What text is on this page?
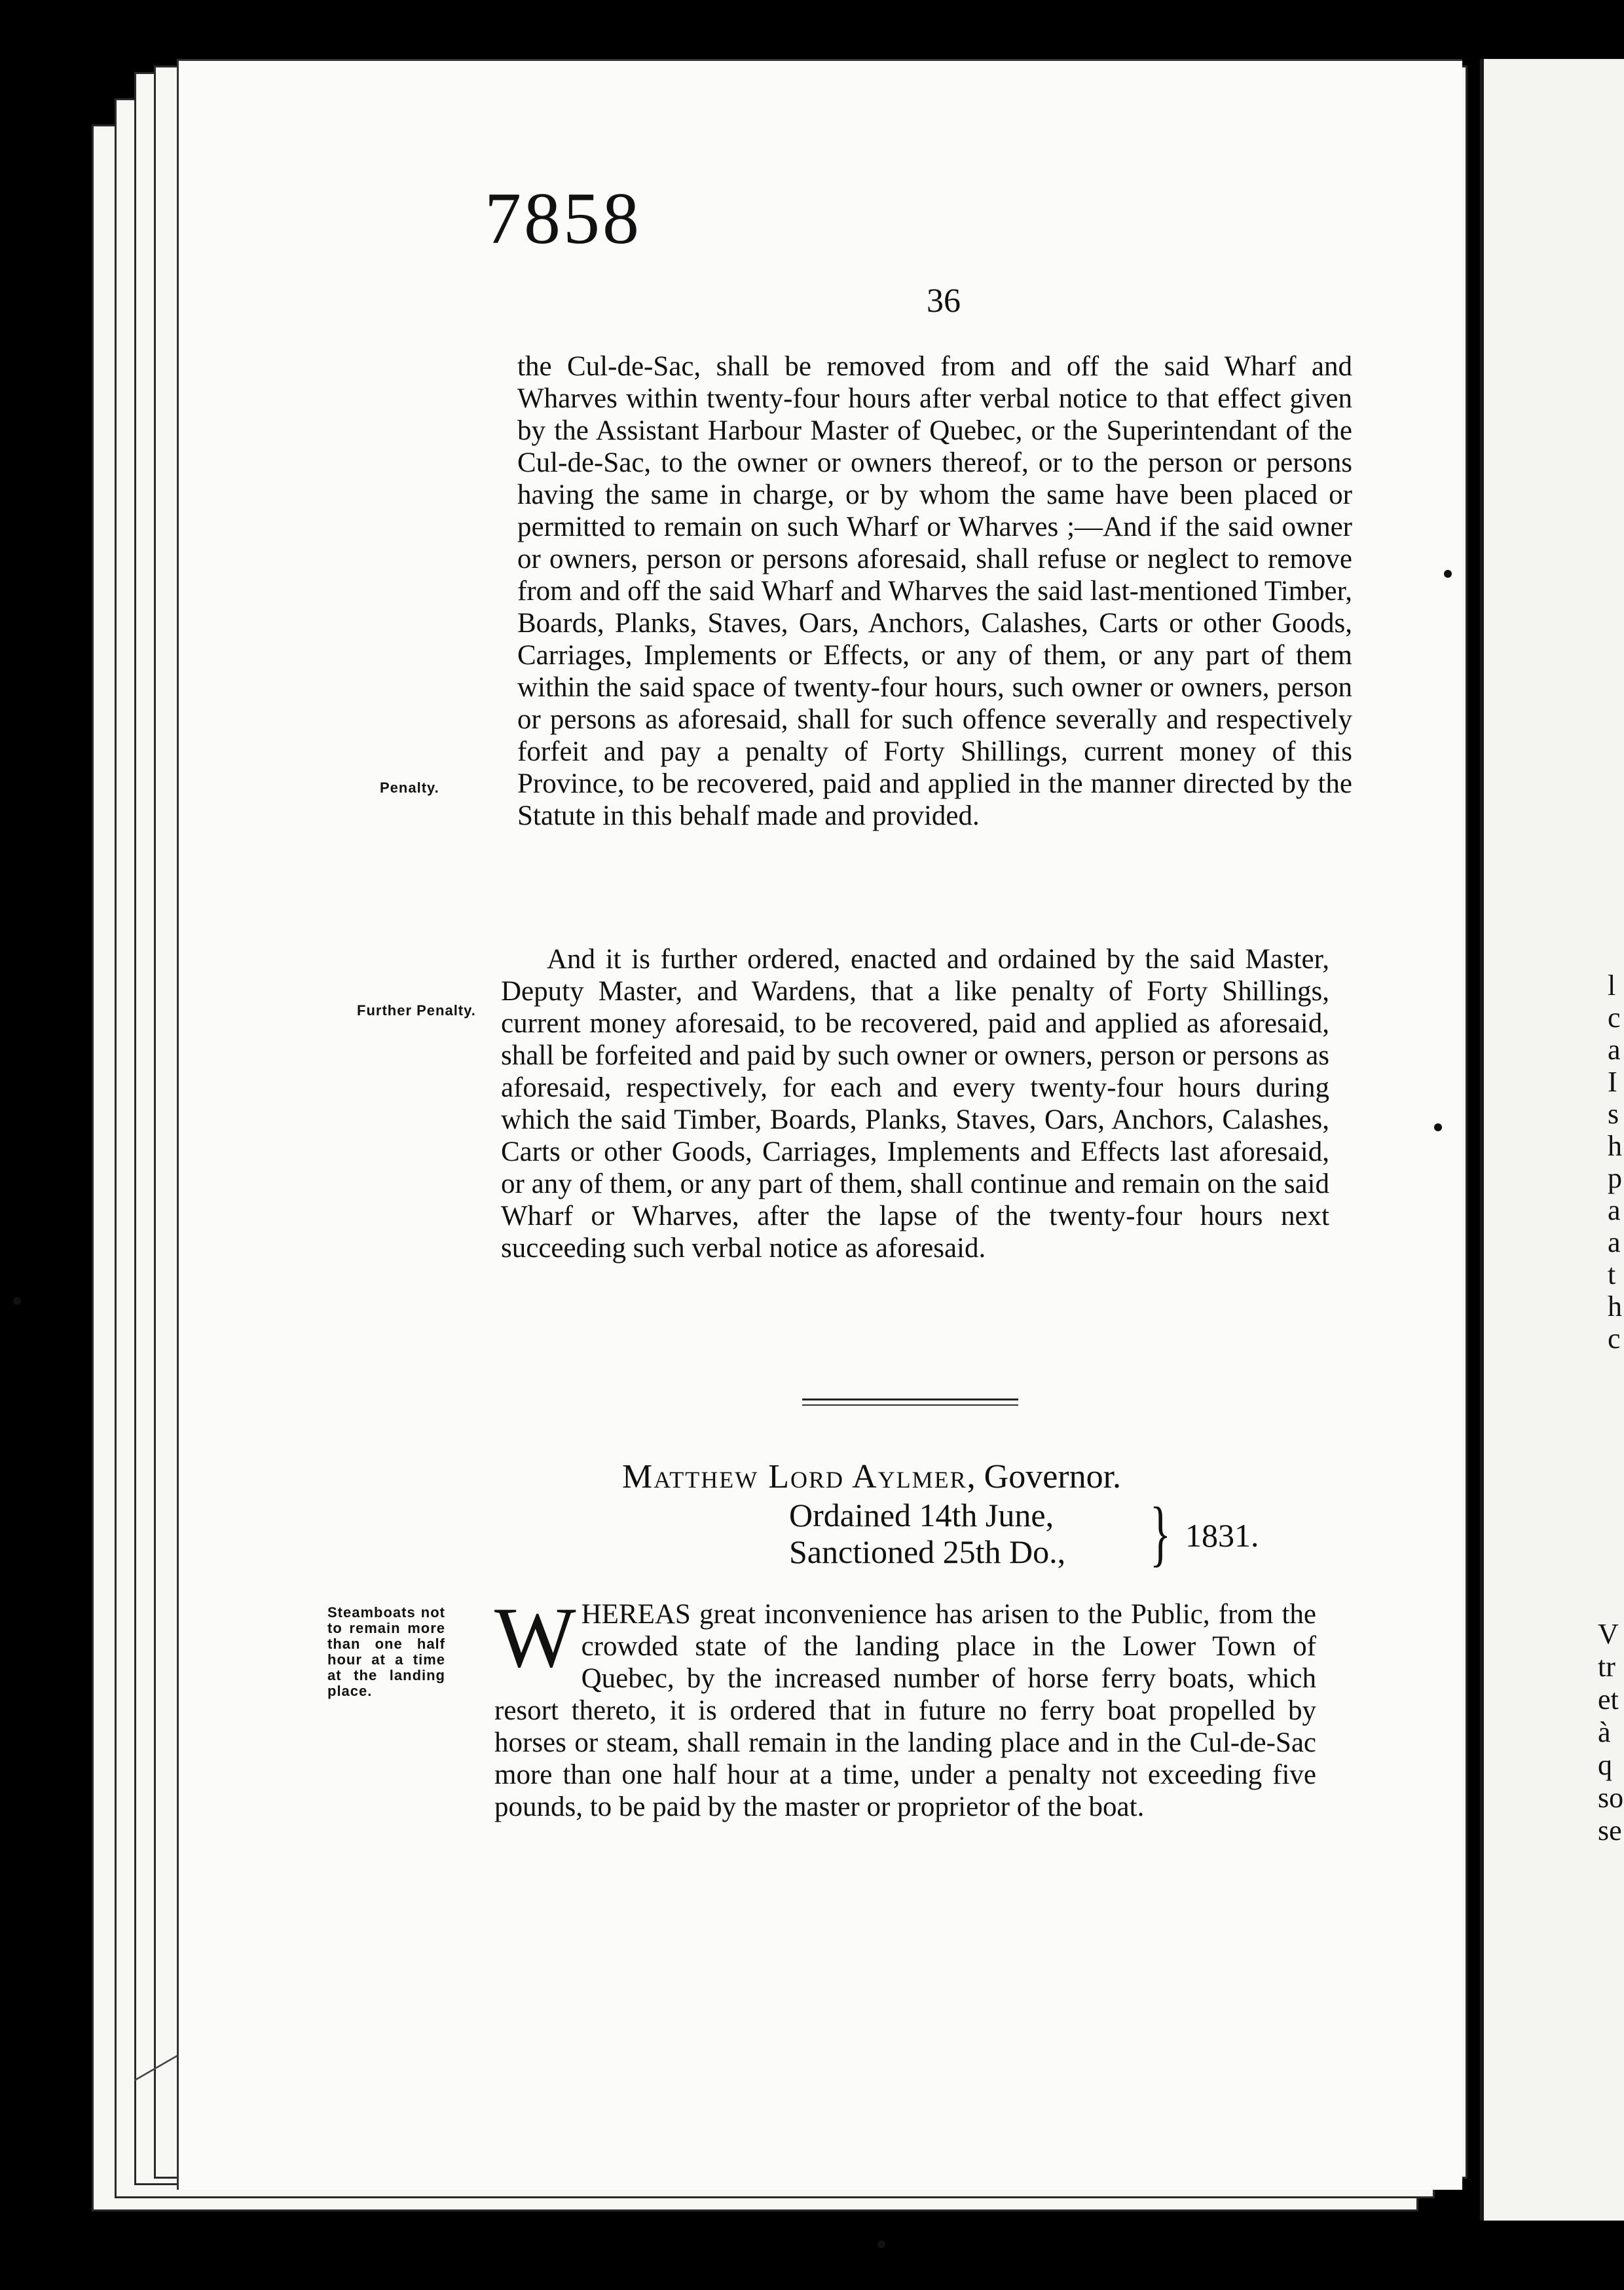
l
c
a
I
s
h
p
a
a
t
h
c
V
tr
et
à
q
so
se
7858
36
the Cul-de-Sac, shall be removed from and off the said Wharf and Wharves within twenty-four hours after verbal notice to that effect given by the Assistant Harbour Master of Quebec, or the Superintendant of the Cul-de-Sac, to the owner or owners thereof, or to the person or persons having the same in charge, or by whom the same have been placed or permitted to remain on such Wharf or Wharves ;—And if the said owner or owners, person or persons aforesaid, shall refuse or neglect to remove from and off the said Wharf and Wharves the said last-mentioned Timber, Boards, Planks, Staves, Oars, Anchors, Calashes, Carts or other Goods, Carriages, Implements or Effects, or any of them, or any part of them within the said space of twenty-four hours, such owner or owners, person or persons as aforesaid, shall for such offence severally and respectively forfeit and pay a penalty of Forty Shillings, current money of this Province, to be recovered, paid and applied in the manner directed by the Statute in this behalf made and provided.
Penalty.
And it is further ordered, enacted and ordained by the said Master, Deputy Master, and Wardens, that a like penalty of Forty Shillings, current money aforesaid, to be recovered, paid and applied as aforesaid, shall be forfeited and paid by such owner or owners, person or persons as aforesaid, respectively, for each and every twenty-four hours during which the said Timber, Boards, Planks, Staves, Oars, Anchors, Calashes, Carts or other Goods, Carriages, Implements and Effects last aforesaid, or any of them, or any part of them, shall continue and remain on the said Wharf or Wharves, after the lapse of the twenty-four hours next succeeding such verbal notice as aforesaid.
Further Penalty.
Matthew Lord Aylmer, Governor.
Ordained 14th June,
Sanctioned 25th Do., } 1831.
Steamboats not to remain more than one half hour at a time at the landing place.
WHEREAS great inconvenience has arisen to the Public, from the crowded state of the landing place in the Lower Town of Quebec, by the increased number of horse ferry boats, which resort thereto, it is ordered that in future no ferry boat propelled by horses or steam, shall remain in the landing place and in the Cul-de-Sac more than one half hour at a time, under a penalty not exceeding five pounds, to be paid by the master or proprietor of the boat.
